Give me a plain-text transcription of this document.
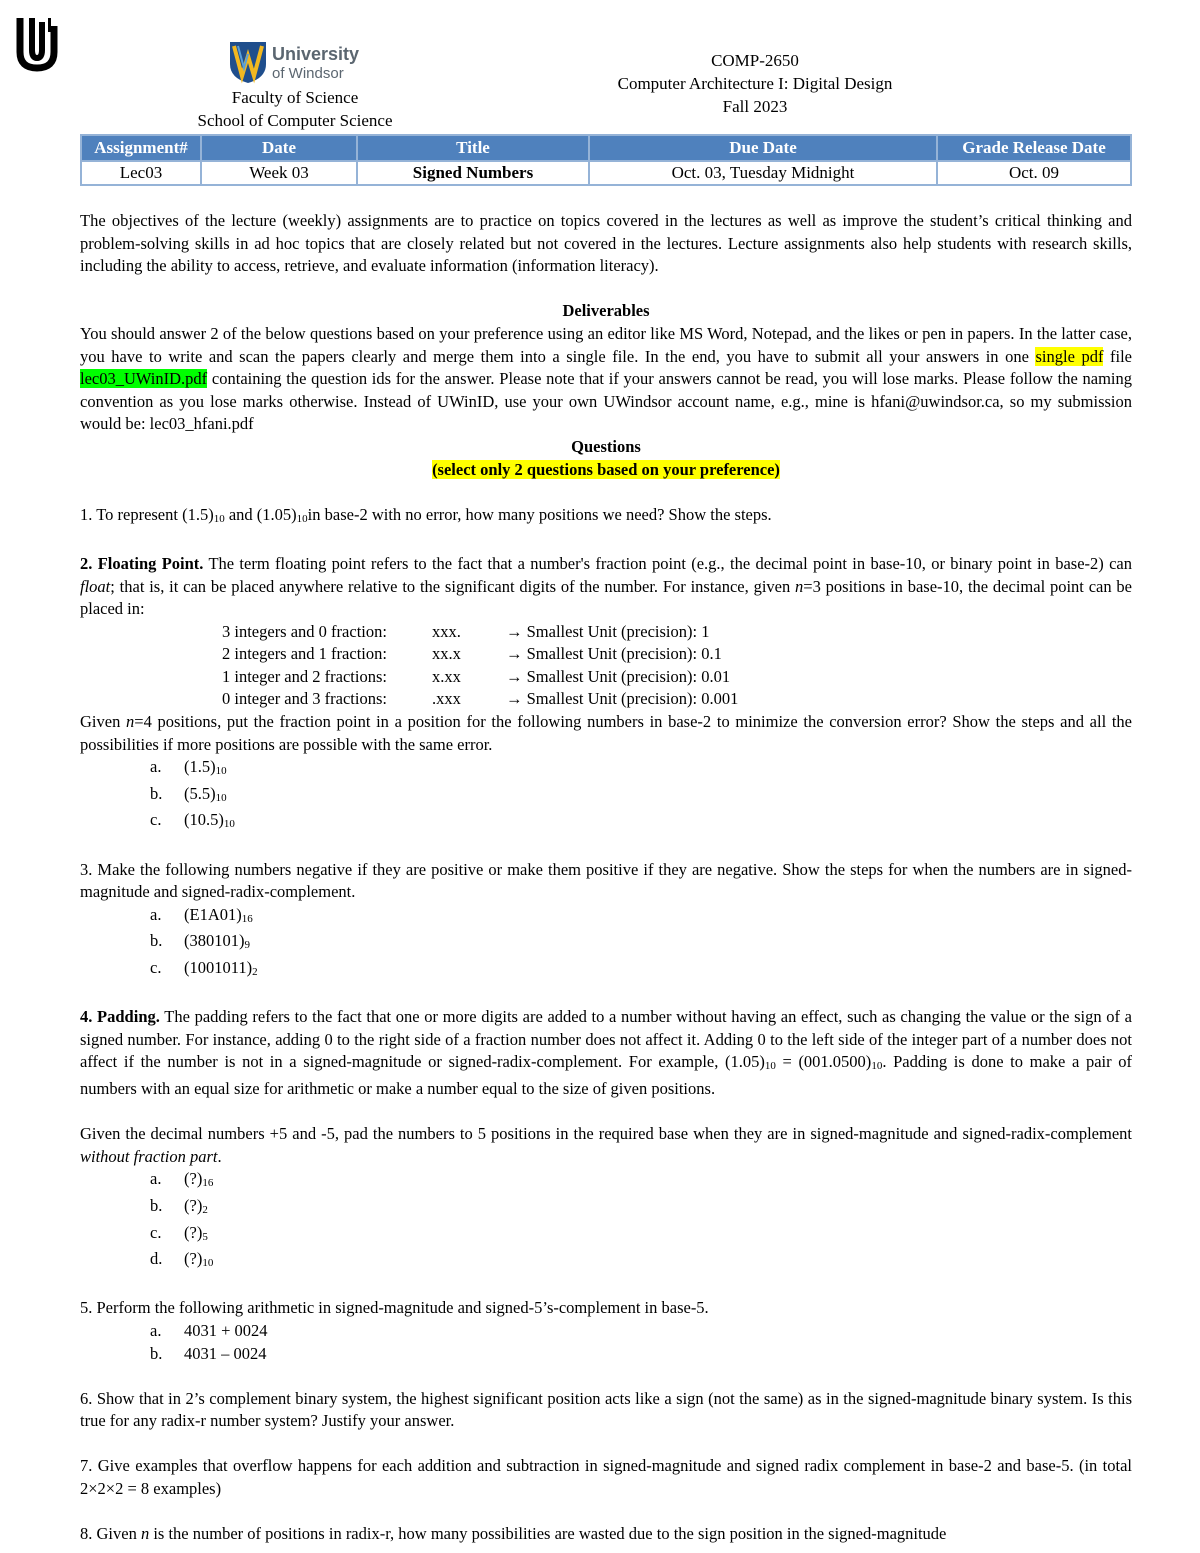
University
of Windsor
Faculty of Science
School of Computer Science
COMP-2650
Computer Architecture I: Digital Design
Fall 2023
Assignment#	Date	Title	Due Date	Grade Release Date
Lec03	Week 03	Signed Numbers	Oct. 03, Tuesday Midnight	Oct. 09

The objectives of the lecture (weekly) assignments are to practice on topics covered in the lectures as well as improve the student’s critical thinking and problem-solving skills in ad hoc topics that are closely related but not covered in the lectures. Lecture assignments also help students with research skills, including the ability to access, retrieve, and evaluate information (information literacy).

Deliverables

You should answer 2 of the below questions based on your preference using an editor like MS Word, Notepad, and the likes or pen in papers. In the latter case, you have to write and scan the papers clearly and merge them into a single file. In the end, you have to submit all your answers in one single pdf file lec03_UWinID.pdf containing the question ids for the answer. Please note that if your answers cannot be read, you will lose marks. Please follow the naming convention as you lose marks otherwise. Instead of UWinID, use your own UWindsor account name, e.g., mine is hfani@uwindsor.ca, so my submission would be: lec03_hfani.pdf

Questions

(select only 2 questions based on your preference)

1. To represent $(1.5)_{10}$ and $(1.05)_{10}in$ base-2 with no error, how many positions we need? Show the steps.

2. Floating Point. The term floating point refers to the fact that a number's fraction point (e.g., the decimal point in base-10, or binary point in base-2) can float; that is, it can be placed anywhere relative to the significant digits of the number. For instance, given n=3 positions in base-10, the decimal point can be placed in:

3 integers and 0 fraction:	xxx.	→ Smallest Unit (precision): 1
2 integers and 1 fraction:	xx.x	→ Smallest Unit (precision): 0.1
1 integer and 2 fractions:	x.xx	→ Smallest Unit (precision): 0.01
0 integer and 3 fractions:	.xxx	→ Smallest Unit (precision): 0.001

Given n=4 positions, put the fraction point in a position for the following numbers in base-2 to minimize the conversion error? Show the steps and all the possibilities if more positions are possible with the same error.

a. $(1.5)_{10}$
b. $(5.5)_{10}$
c. $(10.5)_{10}$

3. Make the following numbers negative if they are positive or make them positive if they are negative. Show the steps for when the numbers are in signed-magnitude and signed-radix-complement.

a. $(E1A01)_{16}$
b. $(380101)_9$
c. $(1001011)_2$

4. Padding. The padding refers to the fact that one or more digits are added to a number without having an effect, such as changing the value or the sign of a signed number. For instance, adding 0 to the right side of a fraction number does not affect it. Adding 0 to the left side of the integer part of a number does not affect if the number is not in a signed-magnitude or signed-radix-complement. For example, $(1.05)_{10} = (001.0500)_{10}$. Padding is done to make a pair of numbers with an equal size for arithmetic or make a number equal to the size of given positions.

Given the decimal numbers +5 and -5, pad the numbers to 5 positions in the required base when they are in signed-magnitude and signed-radix-complement without fraction part.

a. $(?)_{16}$
b. $(?)_2$
c. $(?)_5$
d. $(?)_{10}$

5. Perform the following arithmetic in signed-magnitude and signed-5’s-complement in base-5.

a. 4031 + 0024
b. 4031 – 0024

6. Show that in 2’s complement binary system, the highest significant position acts like a sign (not the same) as in the signed-magnitude binary system. Is this true for any radix-r number system? Justify your answer.

7. Give examples that overflow happens for each addition and subtraction in signed-magnitude and signed radix complement in base-2 and base-5. (in total 2×2×2 = 8 examples)

8. Given n is the number of positions in radix-r, how many possibilities are wasted due to the sign position in the signed-magnitude
